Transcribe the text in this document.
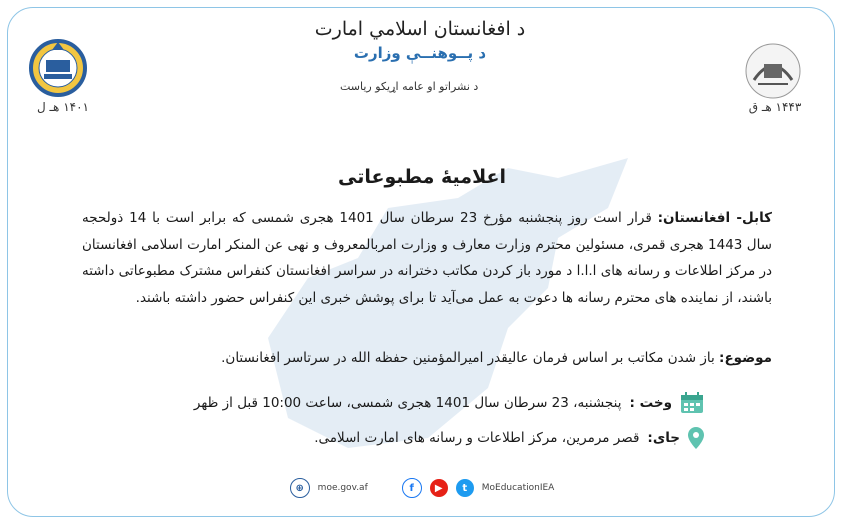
د افغانستان اسلامي امارت
د پــوهنــې وزارت
د نشراتو او عامه اړیکو ریاست
۱۴۰۱ هـ ل	۱۴۴۳ هـ ق
اعلامیهٔ مطبوعاتی
کابل- افغانستان: قرار است روز پنجشنبه مؤرخ 23 سرطان سال 1401 هجری شمسی که برابر است با 14 ذولحجه سال 1443 هجری قمری، مسئولین محترم وزارت معارف و وزارت امربالمعروف و نهی عن المنکر امارت اسلامی افغانستان در مرکز اطلاعات و رسانه های ا.ا.ا د مورد باز کردن مکاتب دخترانه در سراسر افغانستان کنفراس مشترک مطبوعاتی داشته باشند، از نماینده های محترم رسانه ها دعوت به عمل می‌آید تا برای پوشش خبری این کنفراس حضور داشته باشند.
موضوع: باز شدن مکاتب بر اساس فرمان عالیقدر امیرالمؤمنین حفظه الله در سرتاسر افغانستان.
وخت :
پنجشنبه، 23 سرطان سال 1401 هجری شمسی، ساعت 10:00 قبل از ظهر
جای:
قصر مرمرین، مرکز اطلاعات و رسانه های امارت اسلامی.
⊕	moe.gov.af	f	▶	t	MoEducationIEA
